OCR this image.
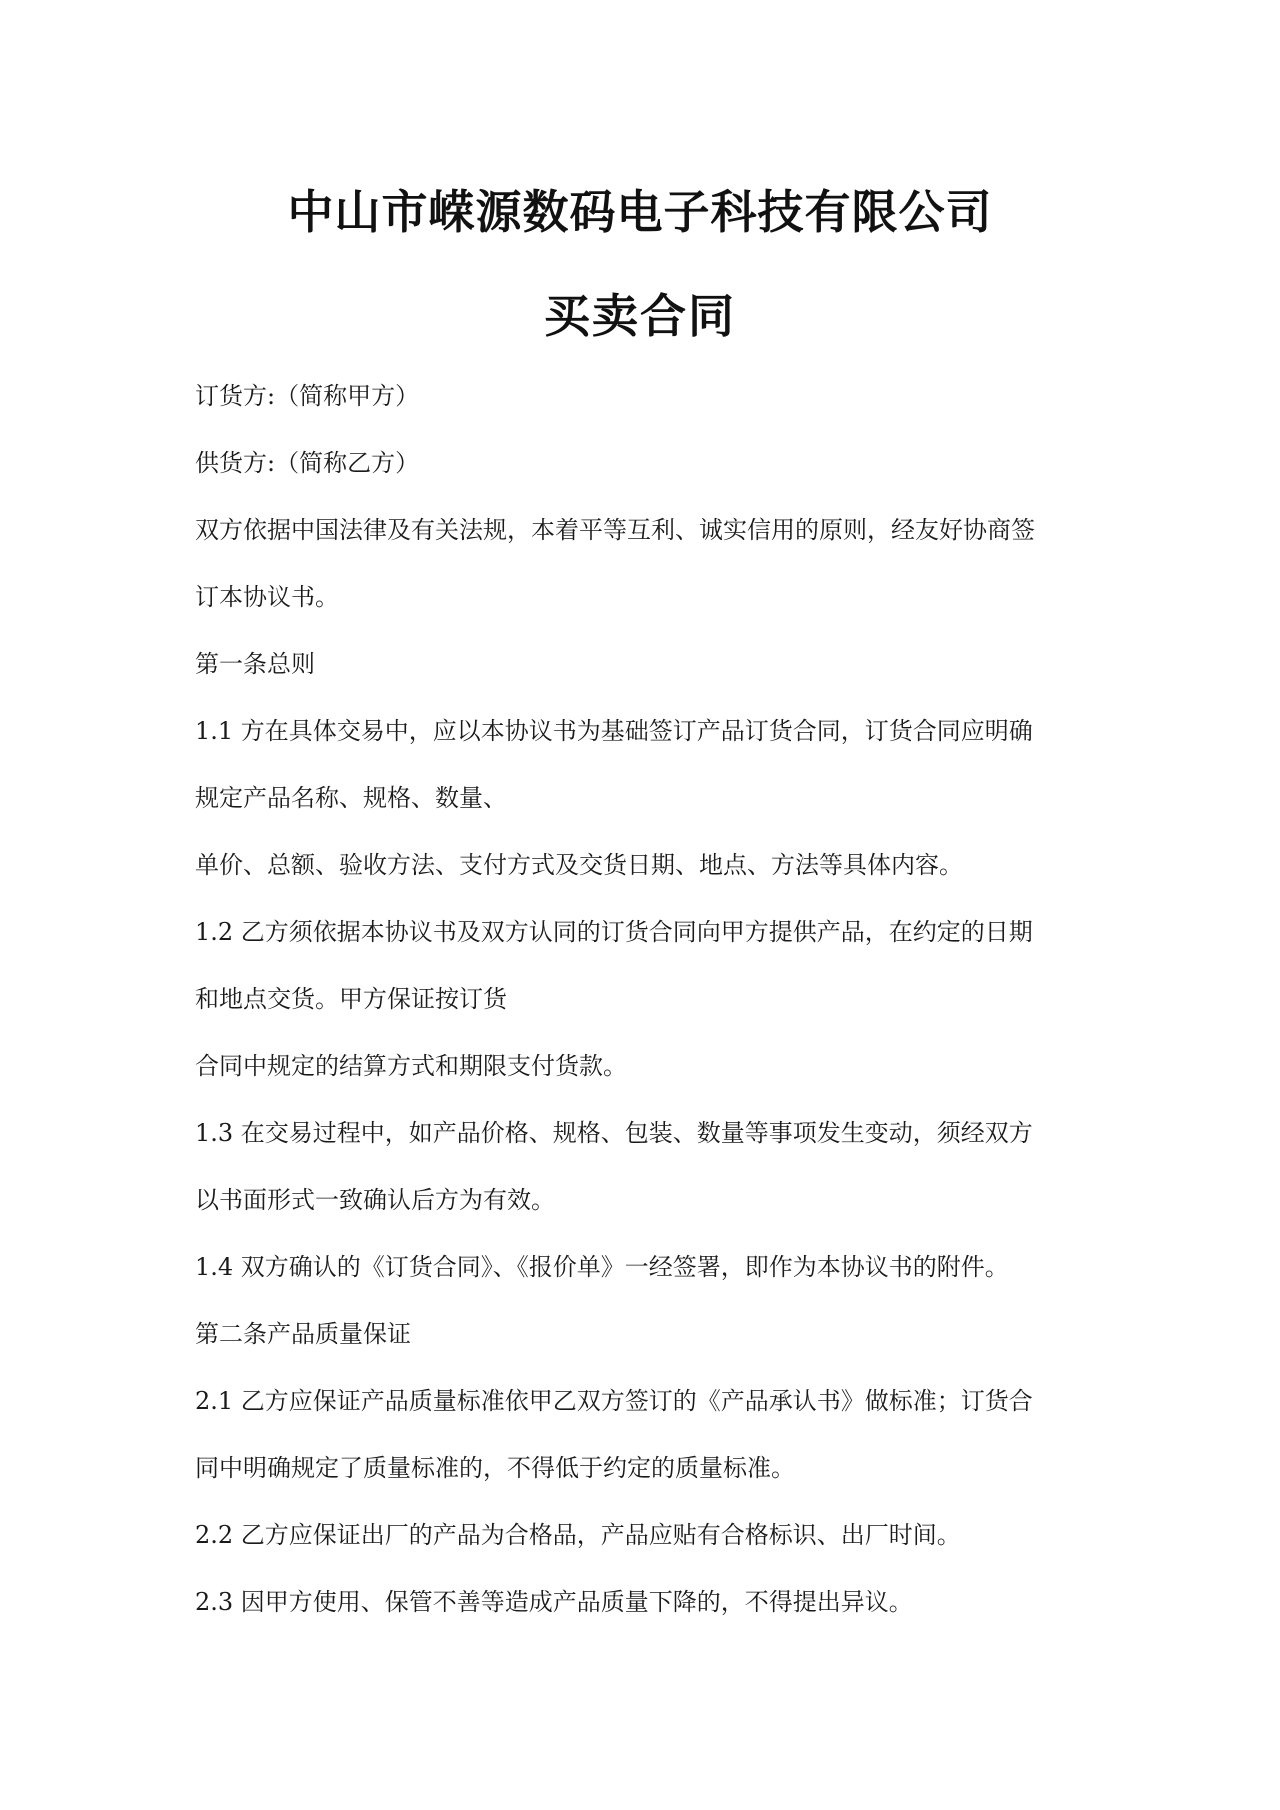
中山市嵘源数码电子科技有限公司
买卖合同
订货方:（简称甲方）
供货方:（简称乙方）
双方依据中国法律及有关法规，本着平等互利、诚实信用的原则，经友好协商签
订本协议书。
第一条总则
1.1 方在具体交易中，应以本协议书为基础签订产品订货合同，订货合同应明确
规定产品名称、规格、数量、
单价、总额、验收方法、支付方式及交货日期、地点、方法等具体内容。
1.2 乙方须依据本协议书及双方认同的订货合同向甲方提供产品，在约定的日期
和地点交货。甲方保证按订货
合同中规定的结算方式和期限支付货款。
1.3 在交易过程中，如产品价格、规格、包装、数量等事项发生变动，须经双方
以书面形式一致确认后方为有效。
1.4 双方确认的《订货合同》、《报价单》一经签署，即作为本协议书的附件。
第二条产品质量保证
2.1 乙方应保证产品质量标准依甲乙双方签订的《产品承认书》做标准；订货合
同中明确规定了质量标准的，不得低于约定的质量标准。
2.2 乙方应保证出厂的产品为合格品，产品应贴有合格标识、出厂时间。
2.3 因甲方使用、保管不善等造成产品质量下降的，不得提出异议。
